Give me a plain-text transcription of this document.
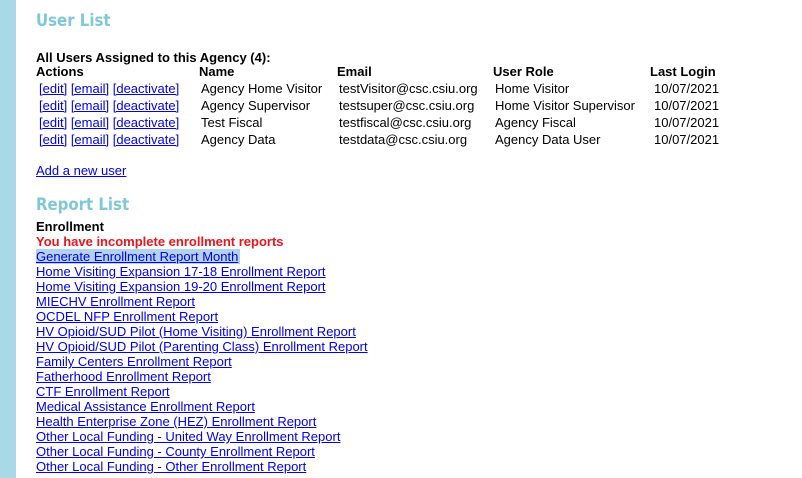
User List
All Users Assigned to this Agency (4):
Actions	Name	Email	User Role	Last Login
[edit] [email] [deactivate]	Agency Home Visitor	testVisitor@csc.csiu.org	Home Visitor	10/07/2021
[edit] [email] [deactivate]	Agency Supervisor	testsuper@csc.csiu.org	Home Visitor Supervisor	10/07/2021
[edit] [email] [deactivate]	Test Fiscal	testfiscal@csc.csiu.org	Agency Fiscal	10/07/2021
[edit] [email] [deactivate]	Agency Data	testdata@csc.csiu.org	Agency Data User	10/07/2021
Add a new user
Report List
Enrollment
You have incomplete enrollment reports
Generate Enrollment Report Month
Home Visiting Expansion 17-18 Enrollment Report
Home Visiting Expansion 19-20 Enrollment Report
MIECHV Enrollment Report
OCDEL NFP Enrollment Report
HV Opioid/SUD Pilot (Home Visiting) Enrollment Report
HV Opioid/SUD Pilot (Parenting Class) Enrollment Report
Family Centers Enrollment Report
Fatherhood Enrollment Report
CTF Enrollment Report
Medical Assistance Enrollment Report
Health Enterprise Zone (HEZ) Enrollment Report
Other Local Funding - United Way Enrollment Report
Other Local Funding - County Enrollment Report
Other Local Funding - Other Enrollment Report
